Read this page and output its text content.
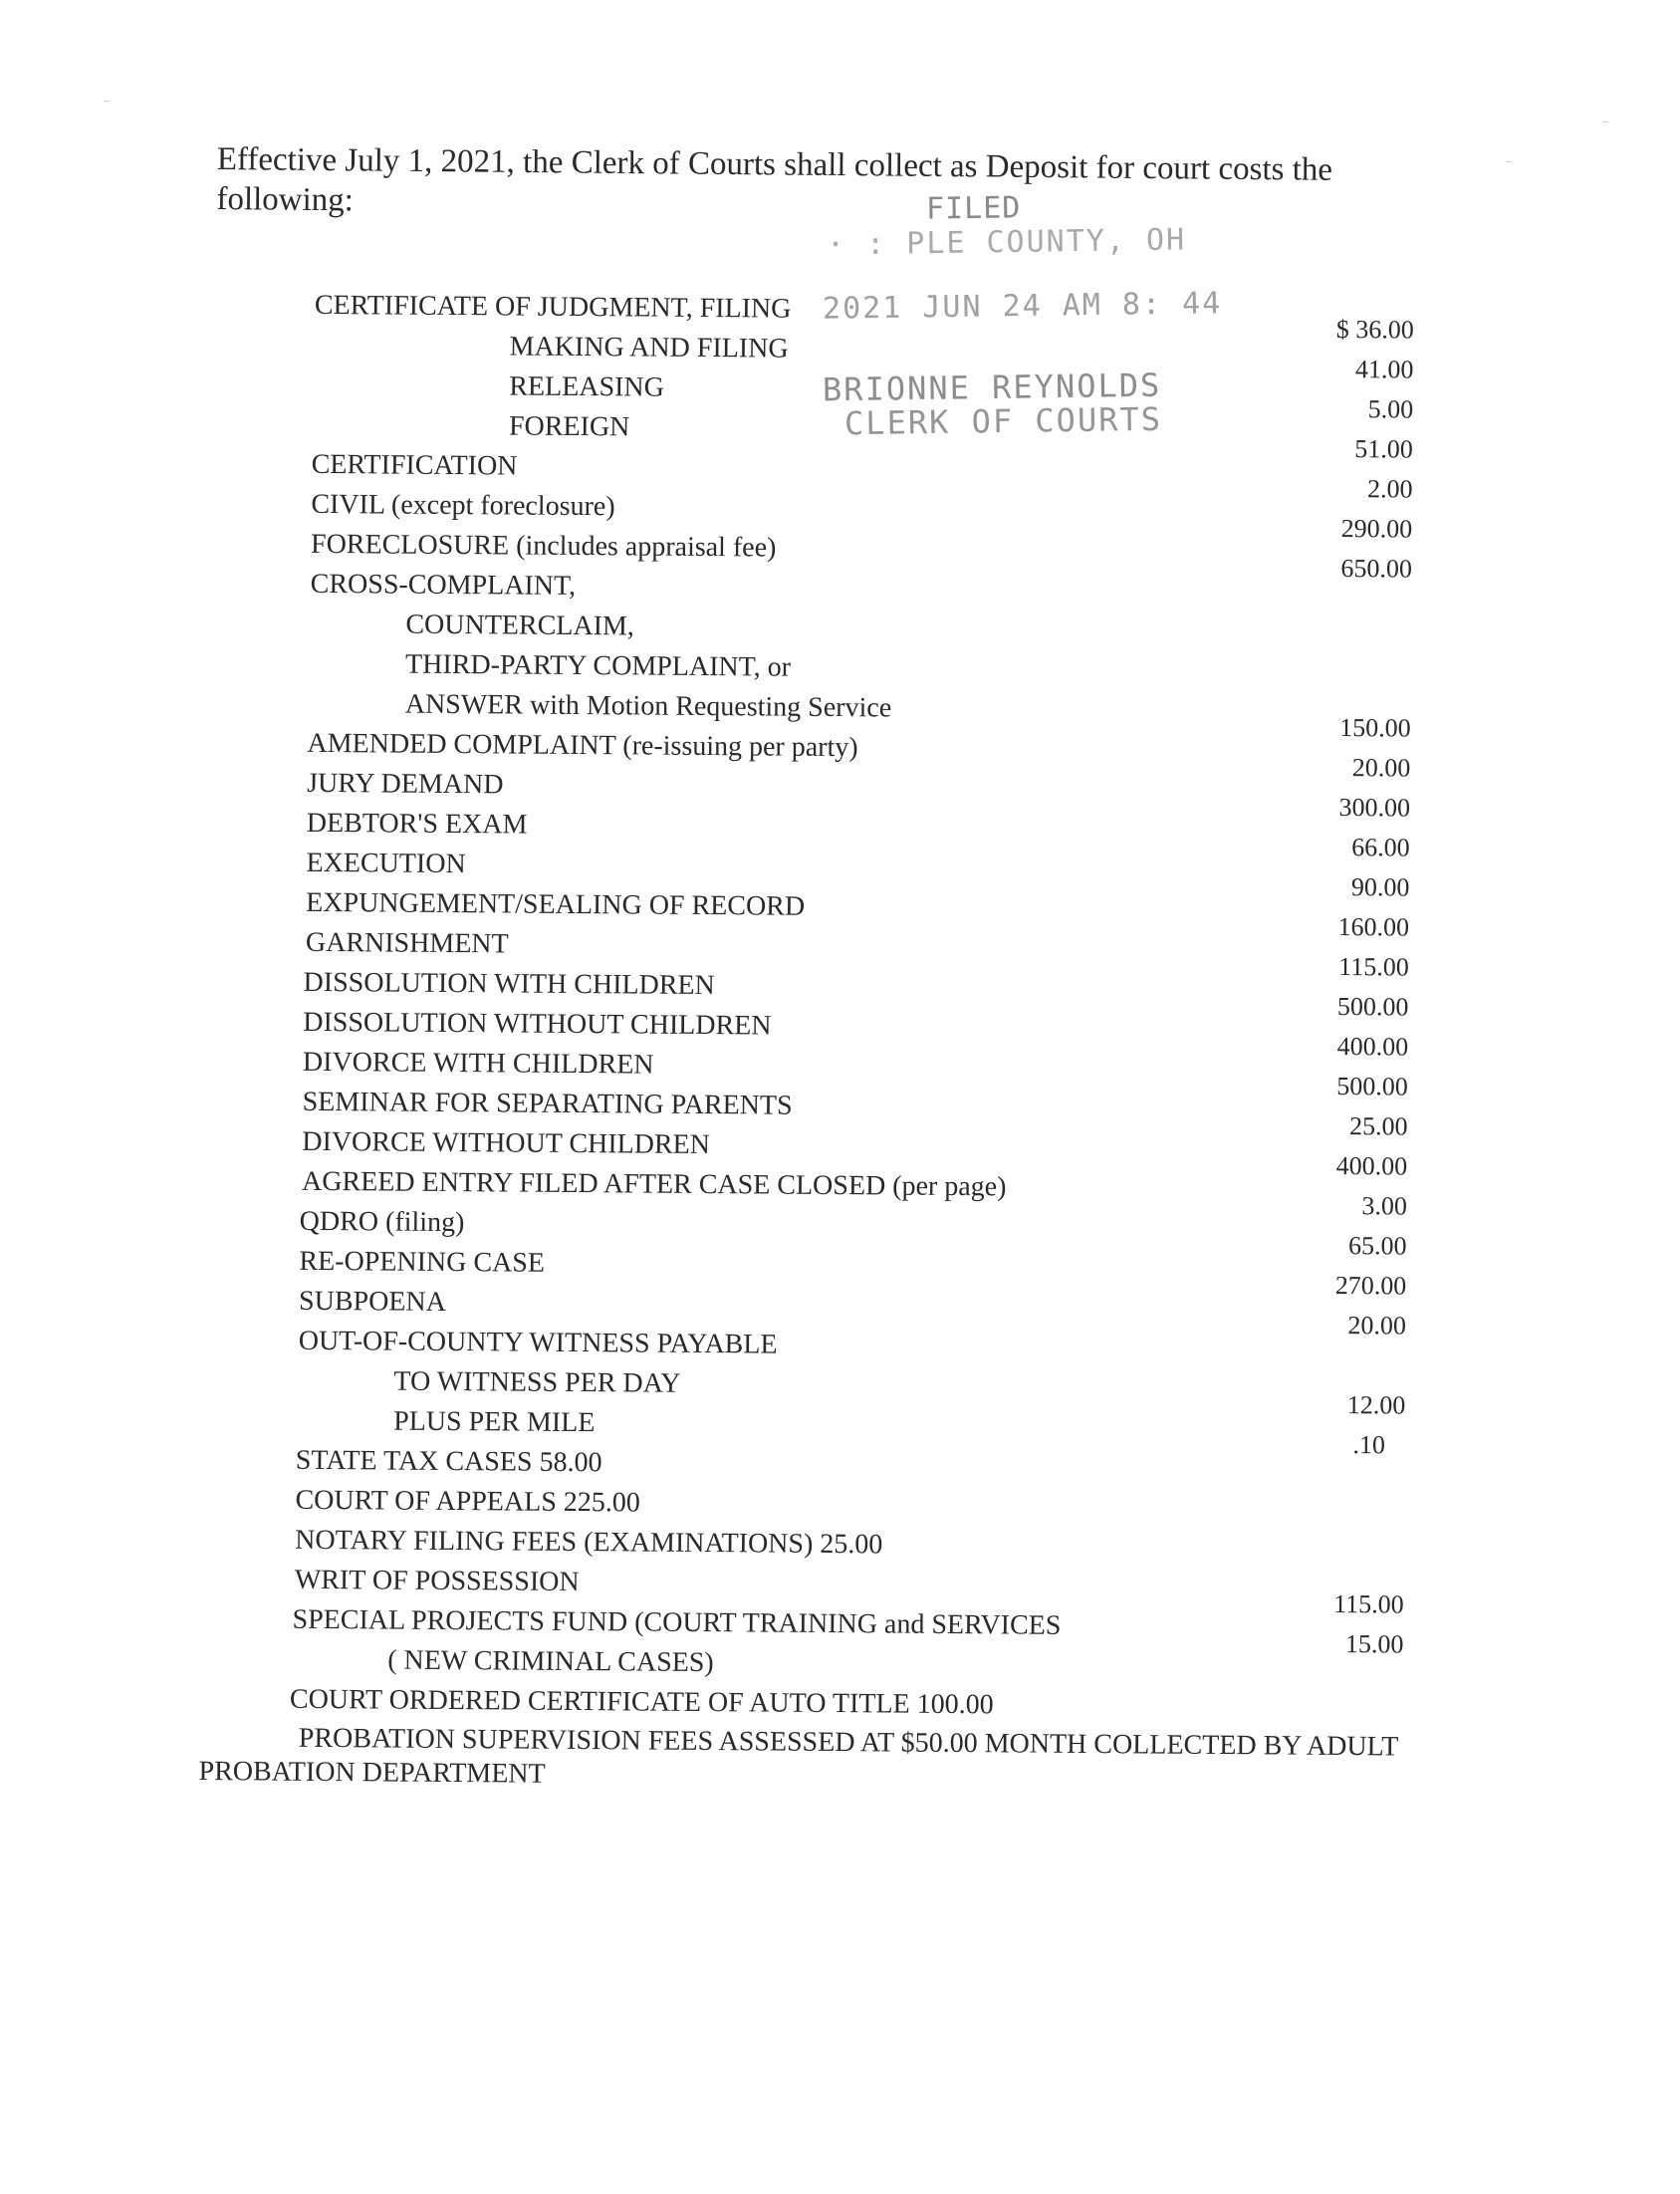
Effective July 1, 2021, the Clerk of Courts shall collect as Deposit for court costs the following:	FILED
· : PLE COUNTY, OH
2021 JUN 24 AM 8: 44
BRIONNE REYNOLDS
CLERK OF COURTS
CERTIFICATE OF JUDGMENT, FILING
$ 36.00
MAKING AND FILING
41.00
RELEASING
5.00
FOREIGN
51.00
CERTIFICATION
2.00
CIVIL (except foreclosure)
290.00
FORECLOSURE (includes appraisal fee)
650.00
CROSS-COMPLAINT,
COUNTERCLAIM,
THIRD-PARTY COMPLAINT, or
ANSWER with Motion Requesting Service
150.00
AMENDED COMPLAINT (re-issuing per party)
20.00
JURY DEMAND
300.00
DEBTOR'S EXAM
66.00
EXECUTION
90.00
EXPUNGEMENT/SEALING OF RECORD
160.00
GARNISHMENT
115.00
DISSOLUTION WITH CHILDREN
500.00
DISSOLUTION WITHOUT CHILDREN
400.00
DIVORCE WITH CHILDREN
500.00
SEMINAR FOR SEPARATING PARENTS
25.00
DIVORCE WITHOUT CHILDREN
400.00
AGREED ENTRY FILED AFTER CASE CLOSED (per page)
3.00
QDRO (filing)
65.00
RE-OPENING CASE
270.00
SUBPOENA
20.00
OUT-OF-COUNTY WITNESS PAYABLE
TO WITNESS PER DAY
12.00
PLUS PER MILE
.10
STATE TAX CASES 58.00
COURT OF APPEALS 225.00
NOTARY FILING FEES (EXAMINATIONS) 25.00
WRIT OF POSSESSION
115.00
SPECIAL PROJECTS FUND (COURT TRAINING and SERVICES
15.00
( NEW CRIMINAL CASES)
COURT ORDERED CERTIFICATE OF AUTO TITLE 100.00

PROBATION SUPERVISION FEES ASSESSED AT $50.00 MONTH COLLECTED BY ADULT PROBATION DEPARTMENT
